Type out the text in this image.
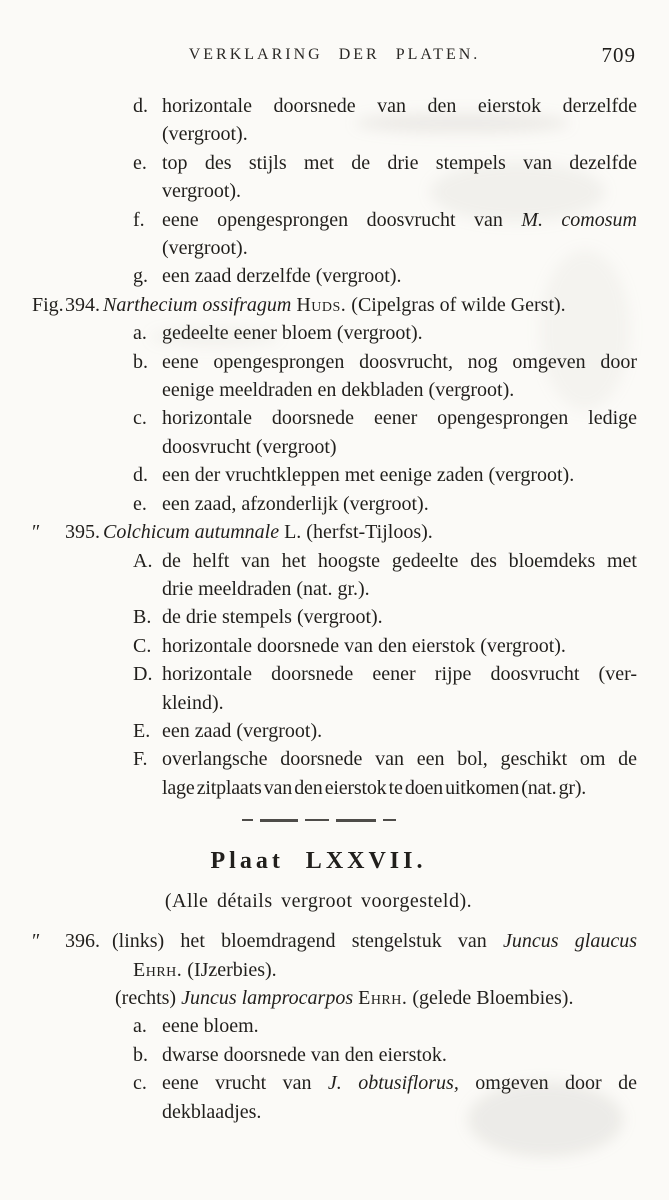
VERKLARING DER PLATEN.	709
d. horizontale doorsnede van den eierstok derzelfde
(vergroot).
e. top des stijls met de drie stempels van dezelfde
vergroot).
f. eene opengesprongen doosvrucht van M. comosum
(vergroot).
g. een zaad derzelfde (vergroot).
Fig. 394. Narthecium ossifragum Huds. (Cipelgras of wilde Gerst).
a. gedeelte eener bloem (vergroot).
b. eene opengesprongen doosvrucht, nog omgeven door
eenige meeldraden en dekbladen (vergroot).
c. horizontale doorsnede eener opengesprongen ledige
doosvrucht (vergroot)
d. een der vruchtkleppen met eenige zaden (vergroot).
e. een zaad, afzonderlijk (vergroot).
″ 395. Colchicum autumnale L. (herfst-Tijloos).
A. de helft van het hoogste gedeelte des bloemdeks met
drie meeldraden (nat. gr.).
B. de drie stempels (vergroot).
C. horizontale doorsnede van den eierstok (vergroot).
D. horizontale doorsnede eener rijpe doosvrucht (ver-
kleind).
E. een zaad (vergroot).
F. overlangsche doorsnede van een bol, geschikt om de
lage zitplaats van den eierstok te doen uitkomen (nat. gr).
Plaat LXXVII.
(Alle détails vergroot voorgesteld).
″ 396. (links) het bloemdragend stengelstuk van Juncus glaucus
Ehrh. (IJzerbies).
(rechts) Juncus lamprocarpos Ehrh. (gelede Bloembies).
a. eene bloem.
b. dwarse doorsnede van den eierstok.
c. eene vrucht van J. obtusiflorus, omgeven door de
dekblaadjes.
